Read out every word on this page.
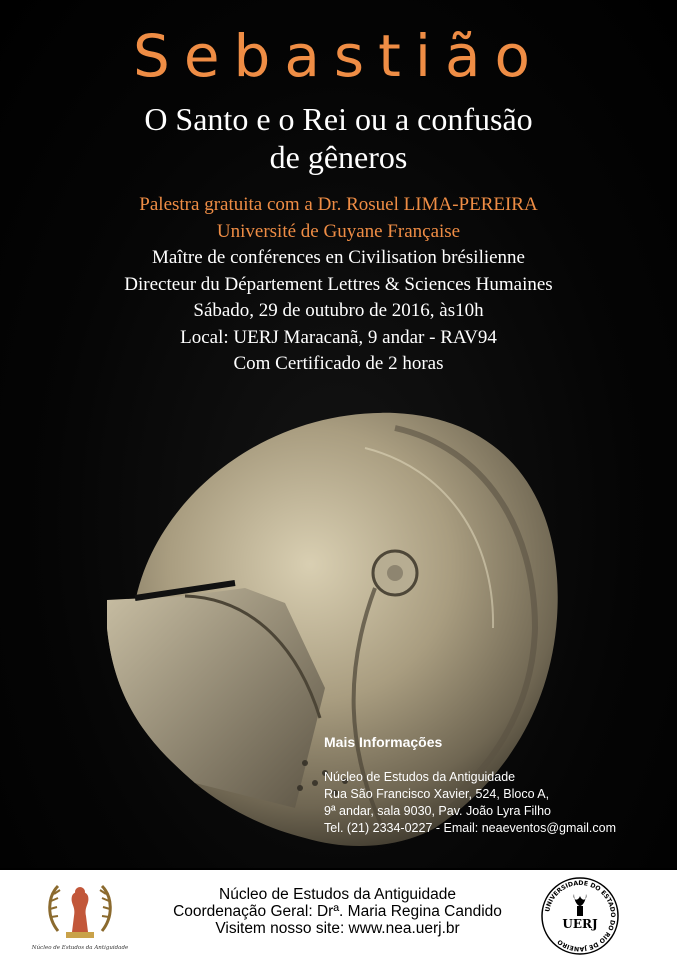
Sebastião
O Santo e o Rei ou a confusão
de gêneros
Palestra gratuita com a Dr. Rosuel LIMA-PEREIRA
Université de Guyane Française
Maître de conférences en Civilisation brésilienne
Directeur du Département Lettres & Sciences Humaines
Sábado, 29 de outubro de 2016, às10h
Local: UERJ Maracanã, 9 andar - RAV94
Com Certificado de 2 horas
Mais Informações
Núcleo de Estudos da Antiguidade
Rua São Francisco Xavier, 524, Bloco A,
9ª andar, sala 9030, Pav. João Lyra Filho
Tel. (21) 2334-0227 - Email: neaeventos@gmail.com
Núcleo de Estudos da Antiguidade
Núcleo de Estudos da Antiguidade
Coordenação Geral: Drª. Maria Regina Candido
Visitem nosso site: www.nea.uerj.br
UNIVERSIDADE DO ESTADO DO RIO DE JANEIRO
UERJ
